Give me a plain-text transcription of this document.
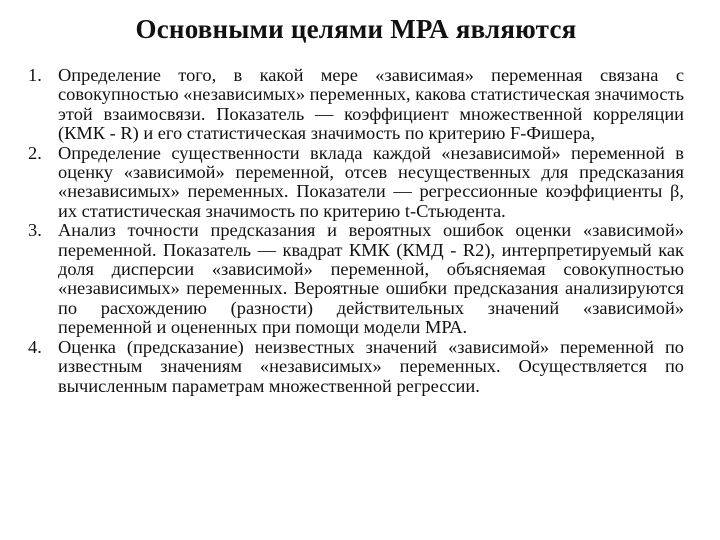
Основными целями МРА являются
1. Определение того, в какой мере «зависимая» переменная связана с совокупностью «независимых» переменных, какова статистическая значимость этой взаимосвязи. Показатель — коэффициент множественной корреляции (КМК - R) и его статистическая значимость по критерию F-Фишера,
2. Определение существенности вклада каждой «независимой» переменной в оценку «зависимой» переменной, отсев несущественных для предсказания «независимых» переменных. Показатели — регрессионные коэффициенты β, их статистическая значимость по критерию t-Стьюдента.
3. Анализ точности предсказания и вероятных ошибок оценки «зависимой» переменной. Показатель — квадрат КМК (КМД - R2), интерпретируемый как доля дисперсии «зависимой» переменной, объясняемая совокупностью «независимых» переменных. Вероятные ошибки предсказания анализируются по расхождению (разности) действительных значений «зависимой» переменной и оцененных при помощи модели МРА.
4. Оценка (предсказание) неизвестных значений «зависимой» переменной по известным значениям «независимых» переменных. Осуществляется по вычисленным параметрам множественной регрессии.
